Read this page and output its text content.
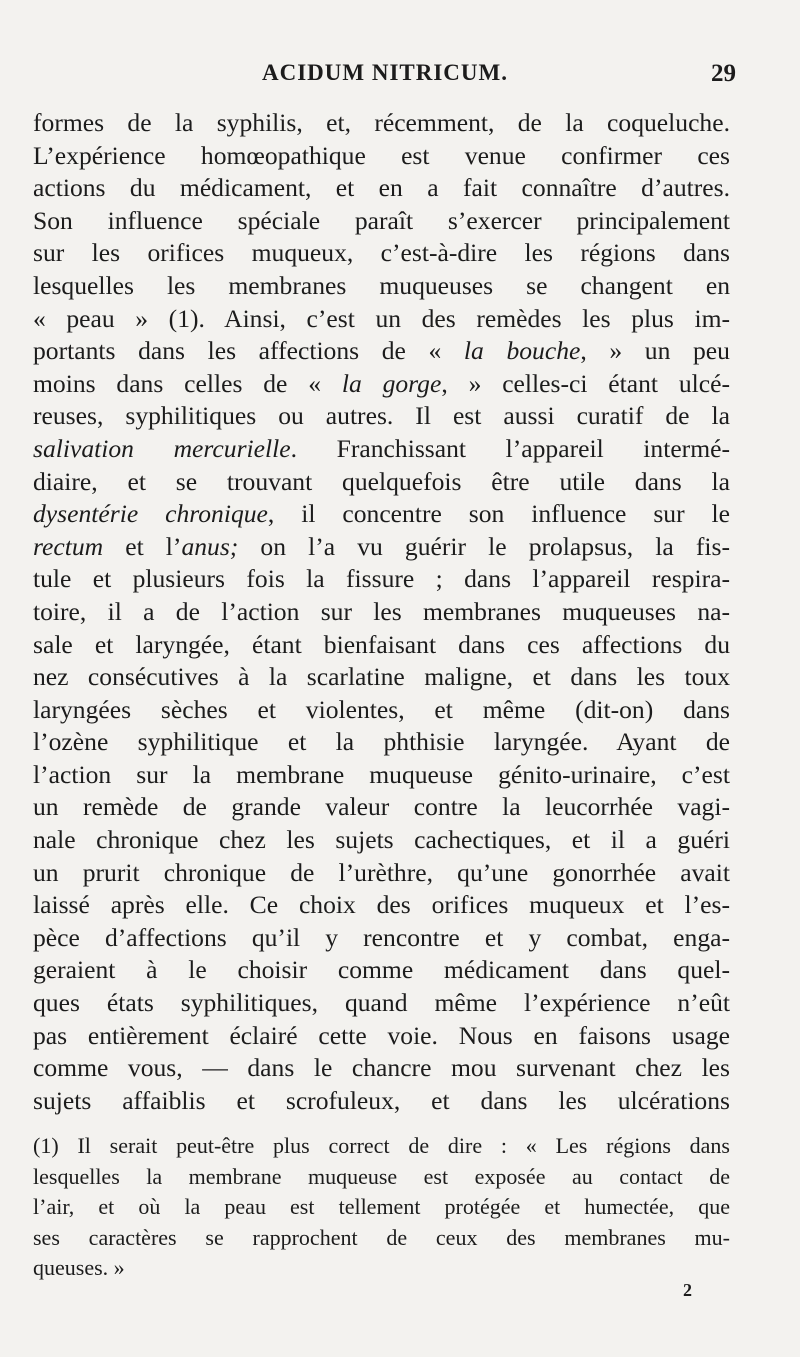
ACIDUM NITRICUM.	29
formes de la syphilis, et, récemment, de la coqueluche.
L’expérience homœopathique est venue confirmer ces
actions du médicament, et en a fait connaître d’autres.
Son influence spéciale paraît s’exercer principalement
sur les orifices muqueux, c’est-à-dire les régions dans
lesquelles les membranes muqueuses se changent en
« peau » (1). Ainsi, c’est un des remèdes les plus im-
portants dans les affections de « la bouche, » un peu
moins dans celles de « la gorge, » celles-ci étant ulcé-
reuses, syphilitiques ou autres. Il est aussi curatif de la
salivation mercurielle. Franchissant l’appareil intermé-
diaire, et se trouvant quelquefois être utile dans la
dysentérie chronique, il concentre son influence sur le
rectum et l’anus; on l’a vu guérir le prolapsus, la fis-
tule et plusieurs fois la fissure ; dans l’appareil respira-
toire, il a de l’action sur les membranes muqueuses na-
sale et laryngée, étant bienfaisant dans ces affections du
nez consécutives à la scarlatine maligne, et dans les toux
laryngées sèches et violentes, et même (dit-on) dans
l’ozène syphilitique et la phthisie laryngée. Ayant de
l’action sur la membrane muqueuse génito-urinaire, c’est
un remède de grande valeur contre la leucorrhée vagi-
nale chronique chez les sujets cachectiques, et il a guéri
un prurit chronique de l’urèthre, qu’une gonorrhée avait
laissé après elle. Ce choix des orifices muqueux et l’es-
pèce d’affections qu’il y rencontre et y combat, enga-
geraient à le choisir comme médicament dans quel-
ques états syphilitiques, quand même l’expérience n’eût
pas entièrement éclairé cette voie. Nous en faisons usage
comme vous, — dans le chancre mou survenant chez les
sujets affaiblis et scrofuleux, et dans les ulcérations
(1) Il serait peut-être plus correct de dire : « Les régions dans
lesquelles la membrane muqueuse est exposée au contact de
l’air, et où la peau est tellement protégée et humectée, que
ses caractères se rapprochent de ceux des membranes mu-
queuses. »
2
